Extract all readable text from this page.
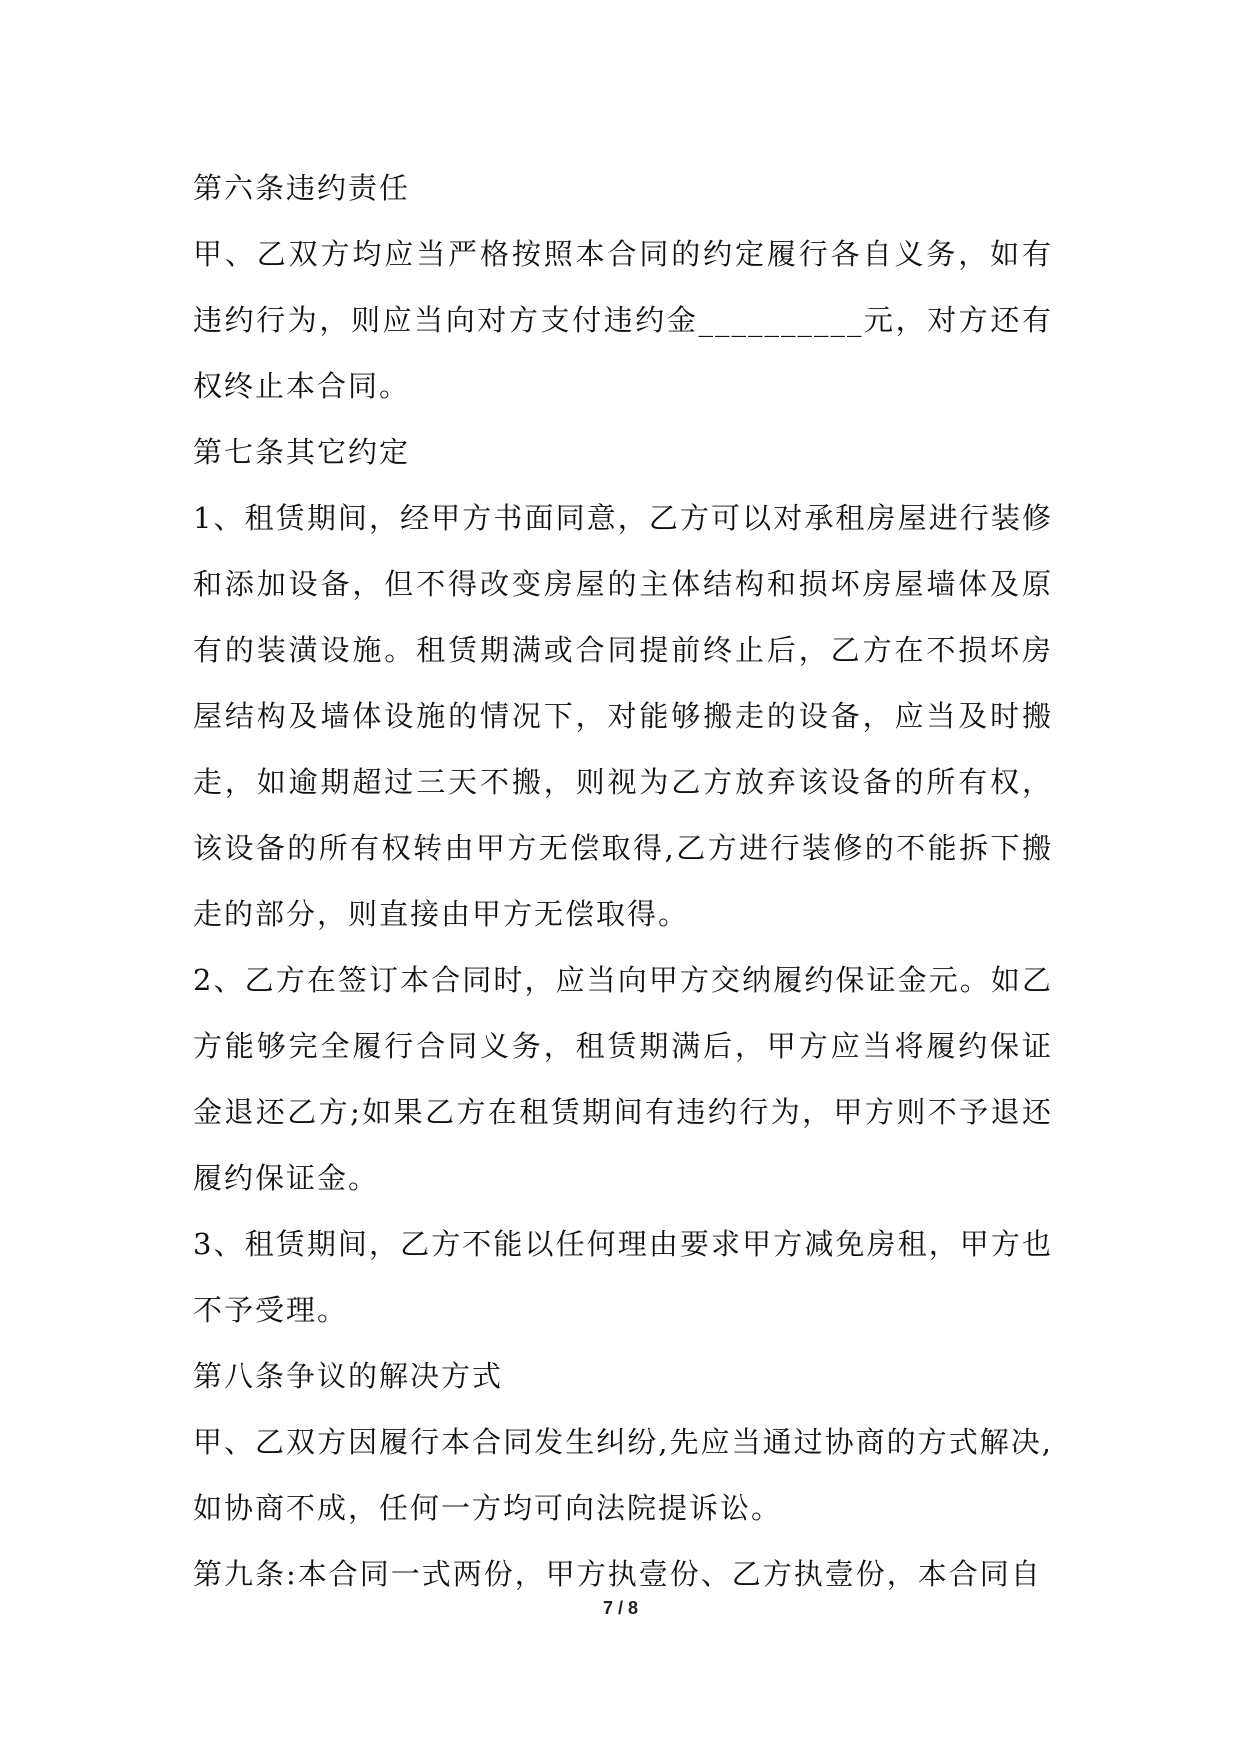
第六条违约责任

甲、乙双方均应当严格按照本合同的约定履行各自义务，如有违约行为，则应当向对方支付违约金__________元，对方还有权终止本合同。

第七条其它约定

1、租赁期间，经甲方书面同意，乙方可以对承租房屋进行装修和添加设备，但不得改变房屋的主体结构和损坏房屋墙体及原有的装潢设施。租赁期满或合同提前终止后，乙方在不损坏房屋结构及墙体设施的情况下，对能够搬走的设备，应当及时搬走，如逾期超过三天不搬，则视为乙方放弃该设备的所有权，该设备的所有权转由甲方无偿取得,乙方进行装修的不能拆下搬走的部分，则直接由甲方无偿取得。

2、乙方在签订本合同时，应当向甲方交纳履约保证金元。如乙方能够完全履行合同义务，租赁期满后，甲方应当将履约保证金退还乙方;如果乙方在租赁期间有违约行为，甲方则不予退还履约保证金。

3、租赁期间，乙方不能以任何理由要求甲方减免房租，甲方也不予受理。

第八条争议的解决方式

甲、乙双方因履行本合同发生纠纷,先应当通过协商的方式解决,如协商不成，任何一方均可向法院提诉讼。

第九条:本合同一式两份，甲方执壹份、乙方执壹份，本合同自

7 / 8
